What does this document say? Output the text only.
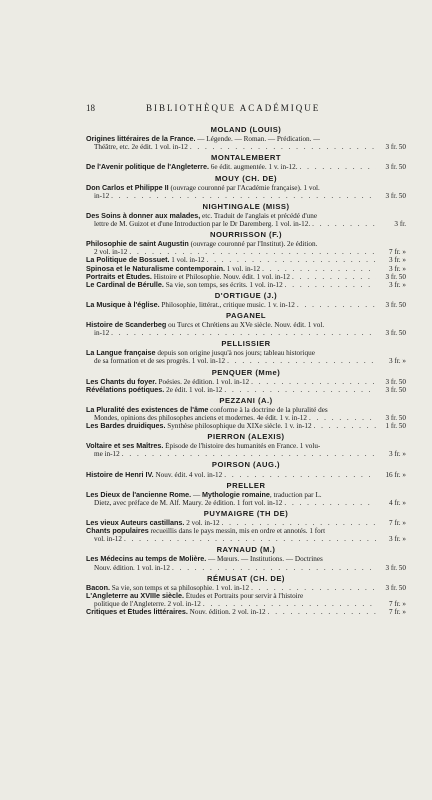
18	BIBLIOTHÈQUE ACADÉMIQUE
MOLAND (LOUIS)
Origines littéraires de la France. — Légende. — Roman. — Prédication. —
Théâtre, etc. 2e édit. 1 vol. in-12 . . .	3 fr. 50
MONTALEMBERT
De l'Avenir politique de l'Angleterre. 6e édit. augmentée. 1 v. in-12. . . .	3 fr. 50
MOUY (CH. DE)
Don Carlos et Philippe II (ouvrage couronné par l'Académie française). 1 vol.
in-12 . . .	3 fr. 50
NIGHTINGALE (MISS)
Des Soins à donner aux malades, etc. Traduit de l'anglais et précédé d'une
lettre de M. Guizot et d'une Introduction par le Dr Daremberg. 1 vol. in-12. . . .	3 fr.
NOURRISSON (F.)
Philosophie de saint Augustin (ouvrage couronné par l'Institut). 2e édition.
2 vol. in-12 . . .	7 fr. »
La Politique de Bossuet. 1 vol. in-12 . . .	3 fr. »
Spinosa et le Naturalisme contemporain. 1 vol. in-12 . . .	3 fr. »
Portraits et Études. Histoire et Philosophie. Nouv. édit. 1 vol. in-12 . . .	3 fr. 50
Le Cardinal de Bérulle. Sa vie, son temps, ses écrits. 1 vol. in-12 . . .	3 fr. »
D'ORTIGUE (J.)
La Musique à l'église. Philosophie, littérat., critique music. 1 v. in-12 . . .	3 fr. 50
PAGANEL
Histoire de Scanderbeg ou Turcs et Chrétiens au XVe siècle. Nouv. édit. 1 vol.
in-12 . . .	3 fr. 50
PELLISSIER
La Langue française depuis son origine jusqu'à nos jours; tableau historique
de sa formation et de ses progrès. 1 vol. in-12 . . .	3 fr. »
PENQUER (Mme)
Les Chants du foyer. Poésies. 2e édition. 1 vol. in-12 . . .	3 fr. 50
Révélations poétiques. 2e édit. 1 vol. in-12 . . .	3 fr. 50
PEZZANI (A.)
La Pluralité des existences de l'âme conforme à la doctrine de la pluralité des
Mondes, opinions des philosophes anciens et modernes. 4e édit. 1 v. in-12 . . .	3 fr. 50
Les Bardes druidiques. Synthèse philosophique du XIXe siècle. 1 v. in-12 . . .	1 fr. 50
PIERRON (ALEXIS)
Voltaire et ses Maîtres. Épisode de l'histoire des humanités en France. 1 volu-
me in-12 . . .	3 fr. »
POIRSON (AUG.)
Histoire de Henri IV. Nouv. édit. 4 vol. in-12 . . .	16 fr. »
PRELLER
Les Dieux de l'ancienne Rome. — Mythologie romaine, traduction par L.
Dietz, avec préface de M. Alf. Maury. 2e édition. 1 fort vol. in-12 . . .	4 fr. »
PUYMAIGRE (TH DE)
Les vieux Auteurs castillans. 2 vol. in-12 . . .	7 fr. »
Chants populaires recueillis dans le pays messin, mis en ordre et annotés. 1 fort
vol. in-12 . . .	3 fr. »
RAYNAUD (M.)
Les Médecins au temps de Molière. — Mœurs. — Institutions. — Doctrines
Nouv. édition. 1 vol. in-12 . . .	3 fr. 50
RÉMUSAT (CH. DE)
Bacon. Sa vie, son temps et sa philosophie. 1 vol. in-12 . . .	3 fr. 50
L'Angleterre au XVIIIe siècle. Études et Portraits pour servir à l'histoire
politique de l'Angleterre. 2 vol. in-12 . . .	7 fr. »
Critiques et Études littéraires. Nouv. édition. 2 vol. in-12 . . .	7 fr. »
